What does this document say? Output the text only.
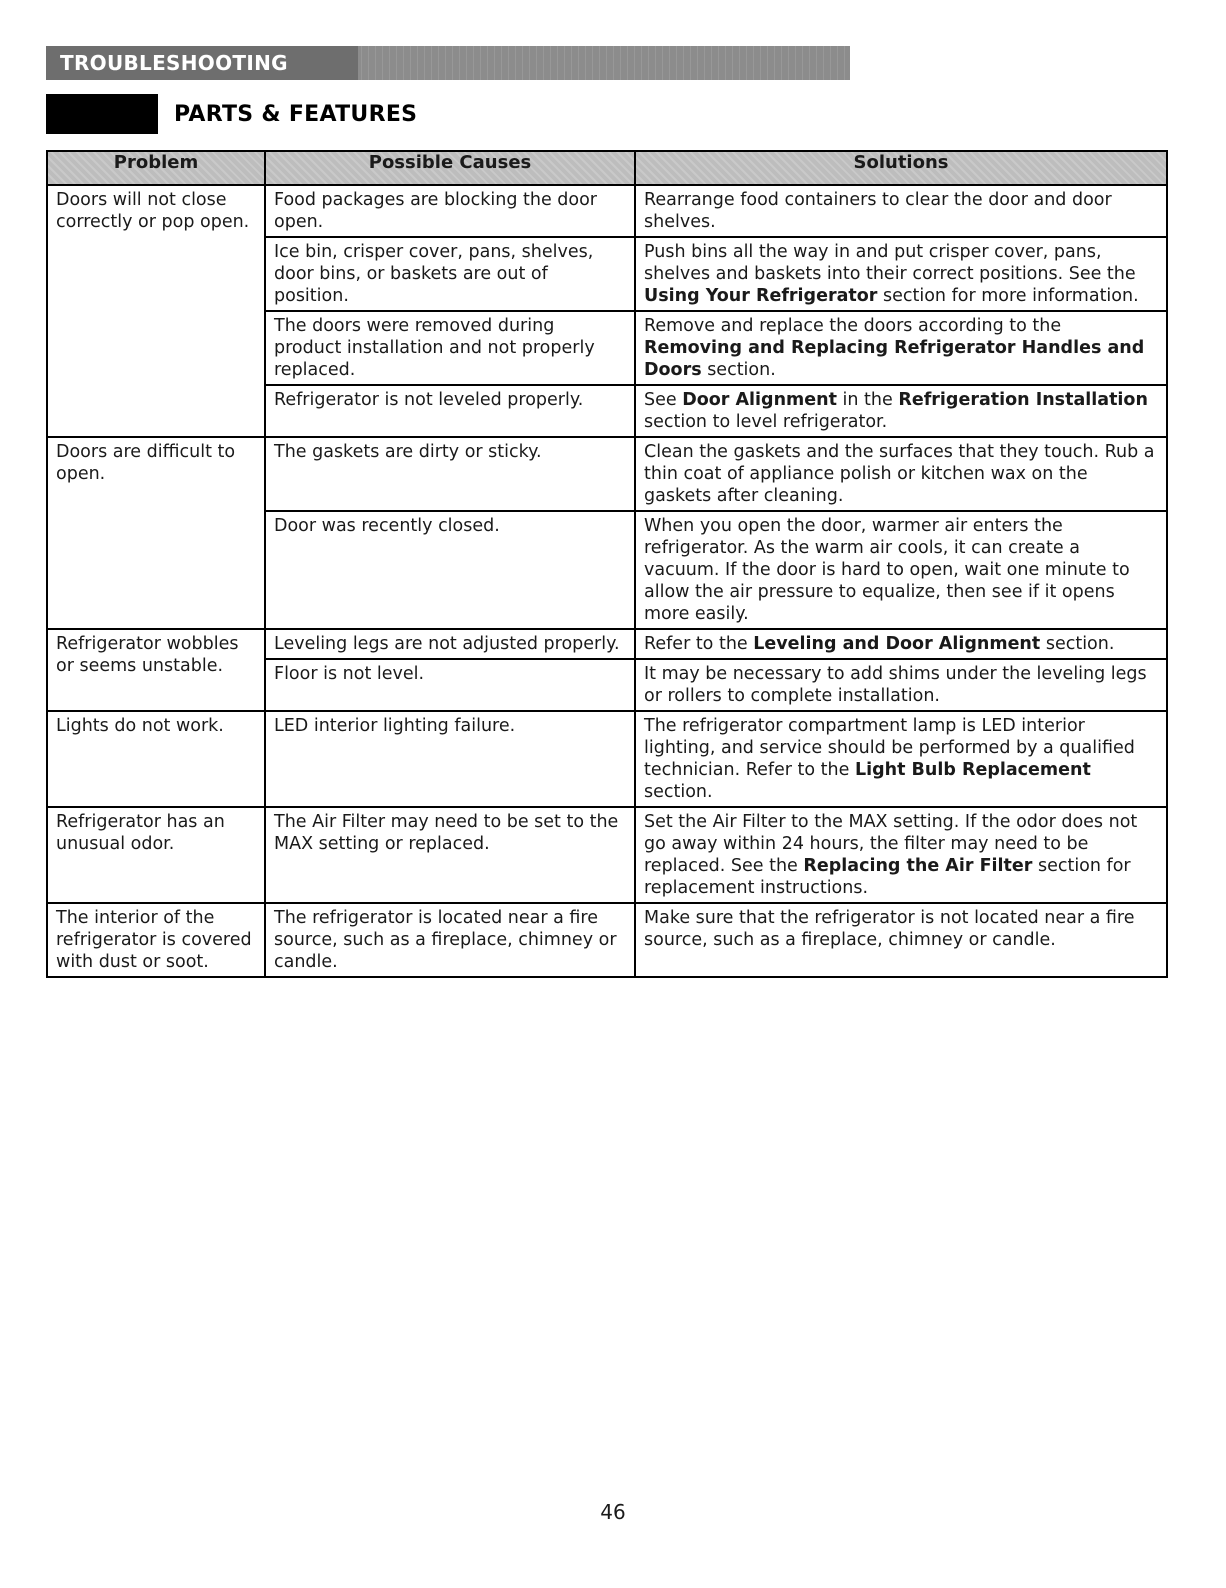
TROUBLESHOOTING
PARTS & FEATURES
Problem	Possible Causes	Solutions
Doors will not close correctly or pop open.	Food packages are blocking the door open.	Rearrange food containers to clear the door and door shelves.
	Ice bin, crisper cover, pans, shelves, door bins, or baskets are out of position.	Push bins all the way in and put crisper cover, pans, shelves and baskets into their correct positions. See the Using Your Refrigerator section for more information.
	The doors were removed during product installation and not properly replaced.	Remove and replace the doors according to the Removing and Replacing Refrigerator Handles and Doors section.
	Refrigerator is not leveled properly.	See Door Alignment in the Refrigeration Installation section to level refrigerator.
Doors are difficult to open.	The gaskets are dirty or sticky.	Clean the gaskets and the surfaces that they touch. Rub a thin coat of appliance polish or kitchen wax on the gaskets after cleaning.
	Door was recently closed.	When you open the door, warmer air enters the refrigerator. As the warm air cools, it can create a vacuum. If the door is hard to open, wait one minute to allow the air pressure to equalize, then see if it opens more easily.
Refrigerator wobbles or seems unstable.	Leveling legs are not adjusted properly.	Refer to the Leveling and Door Alignment section.
	Floor is not level.	It may be necessary to add shims under the leveling legs or rollers to complete installation.
Lights do not work.	LED interior lighting failure.	The refrigerator compartment lamp is LED interior lighting, and service should be performed by a qualified technician. Refer to the Light Bulb Replacement section.
Refrigerator has an unusual odor.	The Air Filter may need to be set to the MAX setting or replaced.	Set the Air Filter to the MAX setting. If the odor does not go away within 24 hours, the filter may need to be replaced. See the Replacing the Air Filter section for replacement instructions.
The interior of the refrigerator is covered with dust or soot.	The refrigerator is located near a fire source, such as a fireplace, chimney or candle.	Make sure that the refrigerator is not located near a fire source, such as a fireplace, chimney or candle.
46
